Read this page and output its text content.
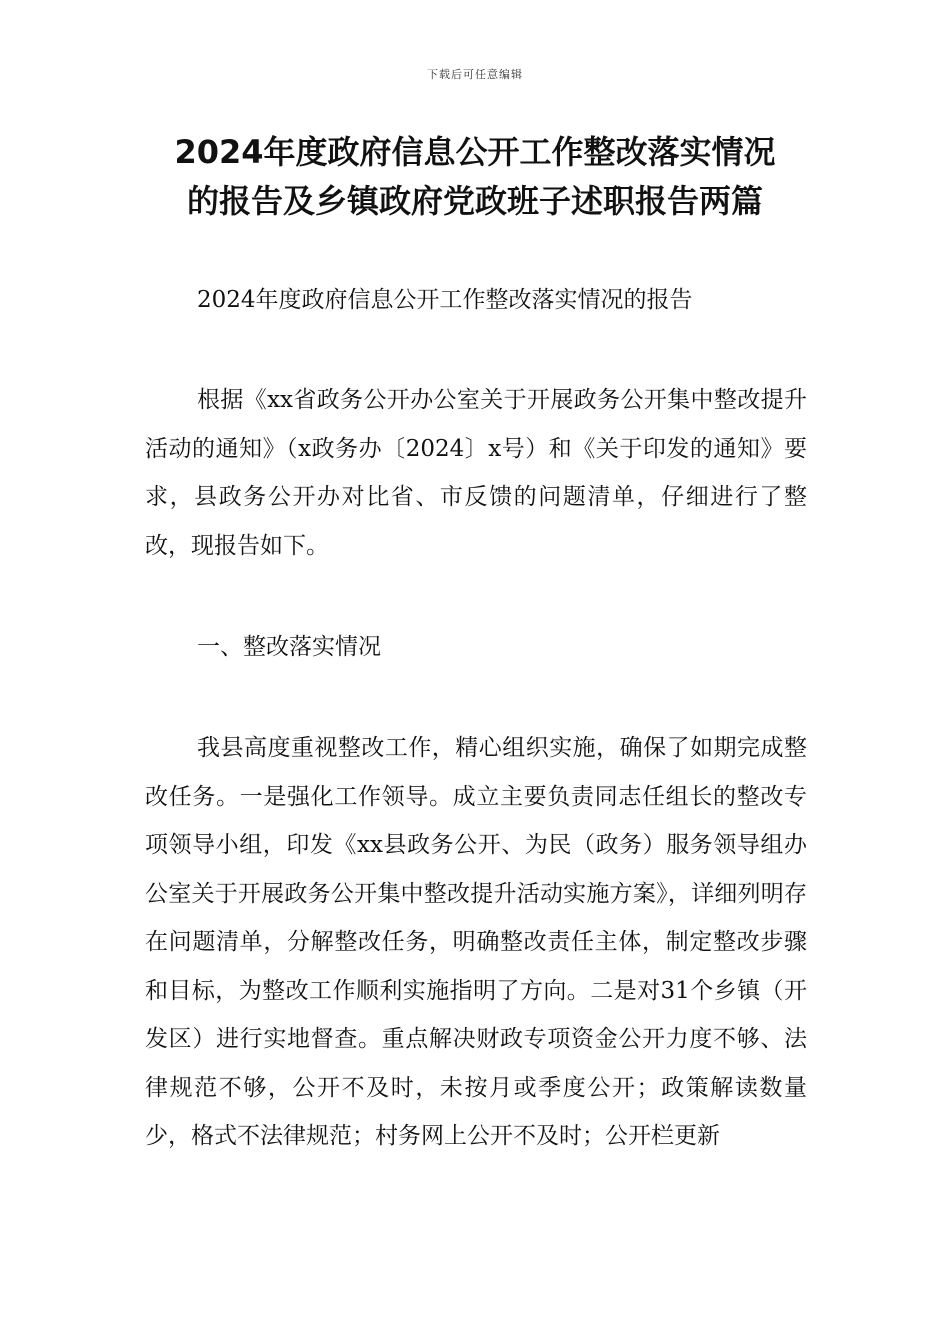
下载后可任意编辑
2024年度政府信息公开工作整改落实情况
的报告及乡镇政府党政班子述职报告两篇
2024年度政府信息公开工作整改落实情况的报告

根据《xx省政务公开办公室关于开展政务公开集中整改提升活动的通知》（x政务办〔2024〕x号）和《关于印发的通知》要求，县政务公开办对比省、市反馈的问题清单，仔细进行了整改，现报告如下。

一、整改落实情况

我县高度重视整改工作，精心组织实施，确保了如期完成整改任务。一是强化工作领导。成立主要负责同志任组长的整改专项领导小组，印发《xx县政务公开、为民（政务）服务领导组办公室关于开展政务公开集中整改提升活动实施方案》，详细列明存在问题清单，分解整改任务，明确整改责任主体，制定整改步骤和目标，为整改工作顺利实施指明了方向。二是对31个乡镇（开发区）进行实地督查。重点解决财政专项资金公开力度不够、法律规范不够，公开不及时，未按月或季度公开；政策解读数量少，格式不法律规范；村务网上公开不及时；公开栏更新
